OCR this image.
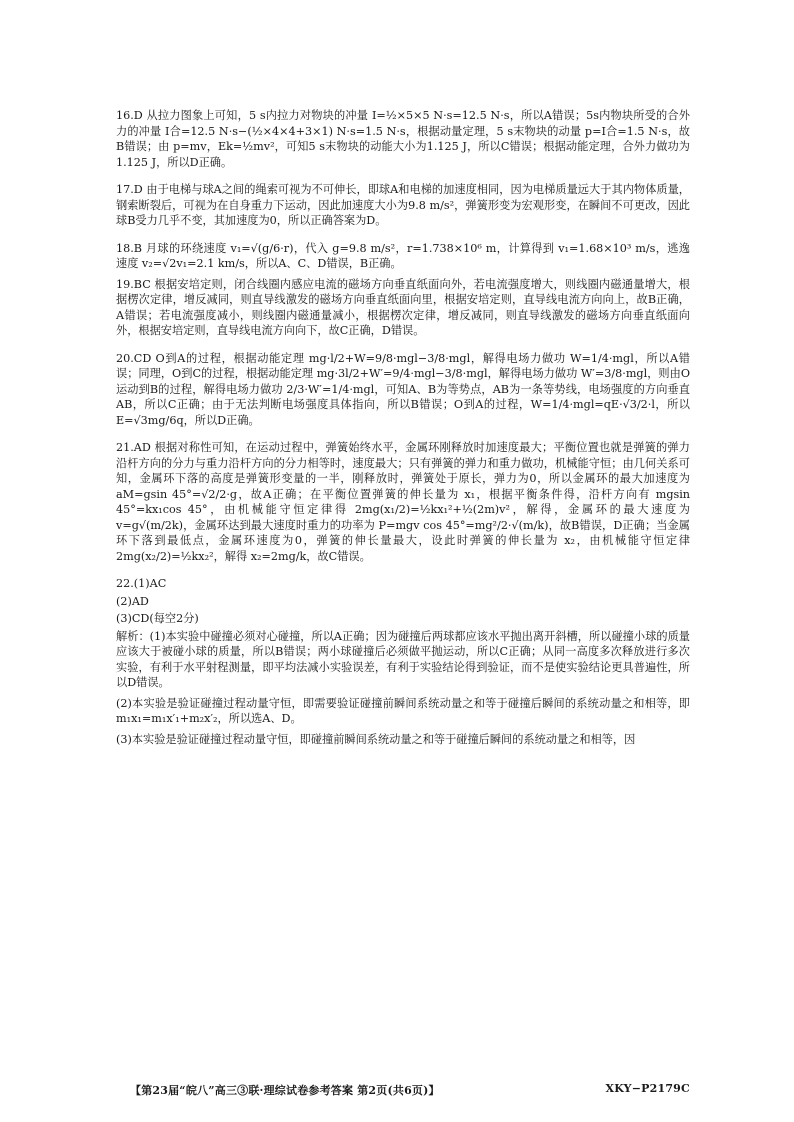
16.D 从拉力图象上可知，5 s内拉力对物块的冲量 I=½×5×5 N·s=12.5 N·s，所以A错误；5s内物块所受的合外力的冲量 I合=12.5 N·s−(½×4×4+3×1) N·s=1.5 N·s，根据动量定理，5 s末物块的动量 p=I合=1.5 N·s，故B错误；由 p=mv，Ek=½mv²，可知5 s末物块的动能大小为1.125 J，所以C错误；根据动能定理，合外力做功为1.125 J，所以D正确。

17.D 由于电梯与球A之间的绳索可视为不可伸长，即球A和电梯的加速度相同，因为电梯质量远大于其内物体质量，钢索断裂后，可视为在自身重力下运动，因此加速度大小为9.8 m/s²，弹簧形变为宏观形变，在瞬间不可更改，因此球B受力几乎不变，其加速度为0，所以正确答案为D。

18.B 月球的环绕速度 v₁=√(g/6·r)，代入 g=9.8 m/s²，r=1.738×10⁶ m，计算得到 v₁=1.68×10³ m/s，逃逸速度 v₂=√2v₁=2.1 km/s，所以A、C、D错误，B正确。

19.BC 根据安培定则，闭合线圈内感应电流的磁场方向垂直纸面向外，若电流强度增大，则线圈内磁通量增大，根据楞次定律，增反减同，则直导线激发的磁场方向垂直纸面向里，根据安培定则，直导线电流方向向上，故B正确，A错误；若电流强度减小，则线圈内磁通量减小，根据楞次定律，增反减同，则直导线激发的磁场方向垂直纸面向外，根据安培定则，直导线电流方向向下，故C正确，D错误。

20.CD O到A的过程，根据动能定理 mg·l/2+W=9/8·mgl−3/8·mgl，解得电场力做功 W=1/4·mgl，所以A错误；同理，O到C的过程，根据动能定理 mg·3l/2+W′=9/4·mgl−3/8·mgl，解得电场力做功 W′=3/8·mgl，则由O运动到B的过程，解得电场力做功 2/3·W′=1/4·mgl，可知A、B为等势点，AB为一条等势线，电场强度的方向垂直AB，所以C正确；由于无法判断电场强度具体指向，所以B错误；O到A的过程，W=1/4·mgl=qE·√3/2·l，所以 E=√3mg/6q，所以D正确。

21.AD 根据对称性可知，在运动过程中，弹簧始终水平，金属环刚释放时加速度最大；平衡位置也就是弹簧的弹力沿杆方向的分力与重力沿杆方向的分力相等时，速度最大；只有弹簧的弹力和重力做功，机械能守恒；由几何关系可知，金属环下落的高度是弹簧形变量的一半，刚释放时，弹簧处于原长，弹力为0，所以金属环的最大加速度为 aM=gsin 45°=√2/2·g，故A正确；在平衡位置弹簧的伸长量为 x₁，根据平衡条件得，沿杆方向有 mgsin 45°=kx₁cos 45°，由机械能守恒定律得 2mg(x₁/2)=½kx₁²+½(2m)v²，解得，金属环的最大速度为 v=g√(m/2k)，金属环达到最大速度时重力的功率为 P=mgv cos 45°=mg²/2·√(m/k)，故B错误，D正确；当金属环下落到最低点，金属环速度为0，弹簧的伸长量最大，设此时弹簧的伸长量为 x₂，由机械能守恒定律 2mg(x₂/2)=½kx₂²，解得 x₂=2mg/k，故C错误。

22.(1)AC

(2)AD

(3)CD(每空2分)

解析：(1)本实验中碰撞必须对心碰撞，所以A正确；因为碰撞后两球都应该水平抛出离开斜槽，所以碰撞小球的质量应该大于被碰小球的质量，所以B错误；两小球碰撞后必须做平抛运动，所以C正确；从同一高度多次释放进行多次实验，有利于水平射程测量，即平均法减小实验误差，有利于实验结论得到验证，而不是使实验结论更具普遍性，所以D错误。

(2)本实验是验证碰撞过程动量守恒，即需要验证碰撞前瞬间系统动量之和等于碰撞后瞬间的系统动量之和相等，即 m₁x₁=m₁x′₁+m₂x′₂，所以选A、D。

(3)本实验是验证碰撞过程动量守恒，即碰撞前瞬间系统动量之和等于碰撞后瞬间的系统动量之和相等，因

【第23届“皖八”高三③联·理综试卷参考答案 第2页(共6页)】	XKY−P2179C
